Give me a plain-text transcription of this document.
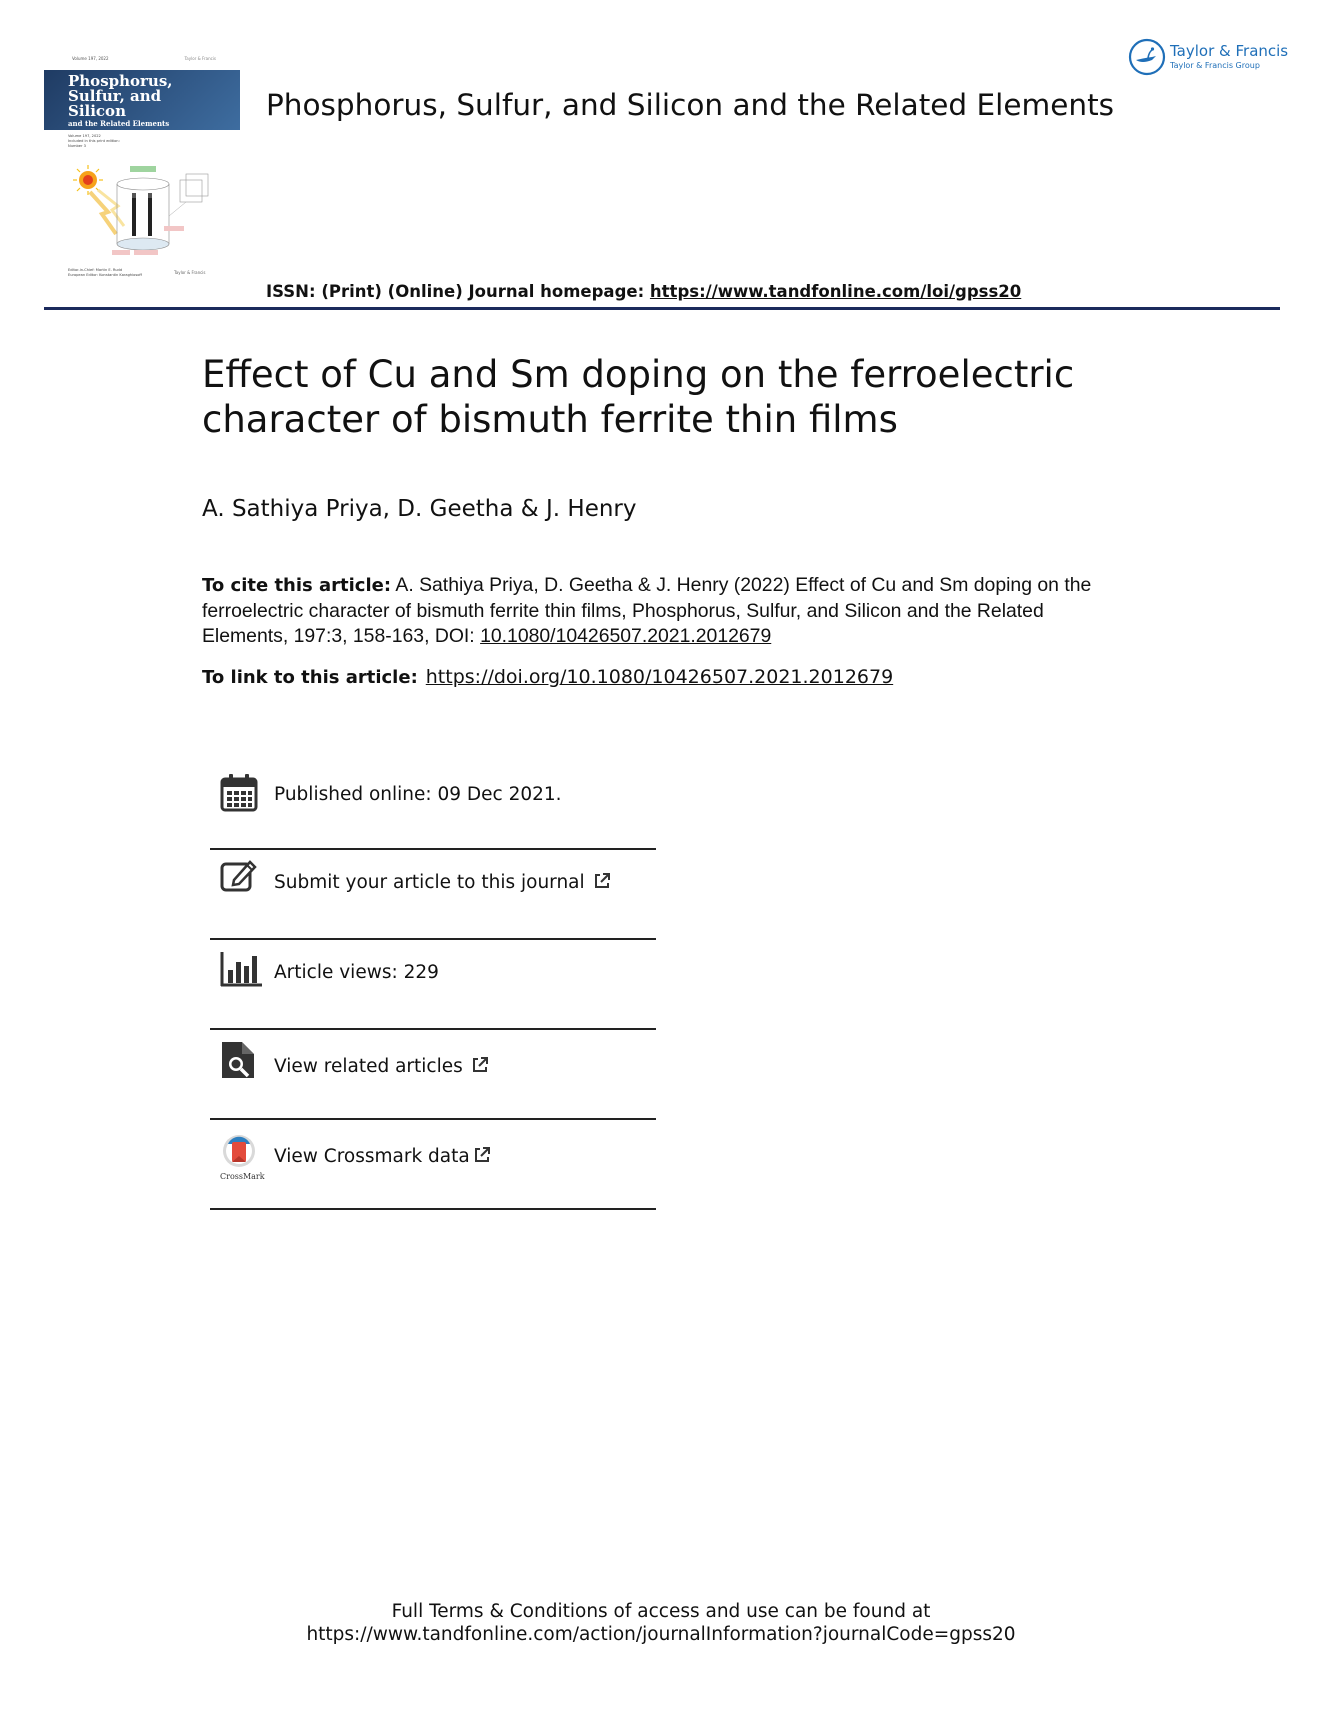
Volume 197, 2022	Taylor & Francis
Phosphorus, Sulfur, and Silicon
and the Related Elements
Volume 197, 2022
Included in this print edition:
Number 3
Editor-in-Chief: Martin E. Rudd
European Editor: Konstantin Karaghiosoff	Taylor & Francis
Phosphorus, Sulfur, and Silicon and the Related Elements
Taylor & Francis
Taylor & Francis Group
ISSN: (Print) (Online) Journal homepage: https://www.tandfonline.com/loi/gpss20
Effect of Cu and Sm doping on the ferroelectric character of bismuth ferrite thin films
A. Sathiya Priya, D. Geetha & J. Henry
To cite this article: A. Sathiya Priya, D. Geetha & J. Henry (2022) Effect of Cu and Sm doping on the ferroelectric character of bismuth ferrite thin films, Phosphorus, Sulfur, and Silicon and the Related Elements, 197:3, 158-163, DOI: 10.1080/10426507.2021.2012679
To link to this article: https://doi.org/10.1080/10426507.2021.2012679
Published online: 09 Dec 2021.
Submit your article to this journal
Article views: 229
View related articles
CrossMark
View Crossmark data
Full Terms & Conditions of access and use can be found at
https://www.tandfonline.com/action/journalInformation?journalCode=gpss20
